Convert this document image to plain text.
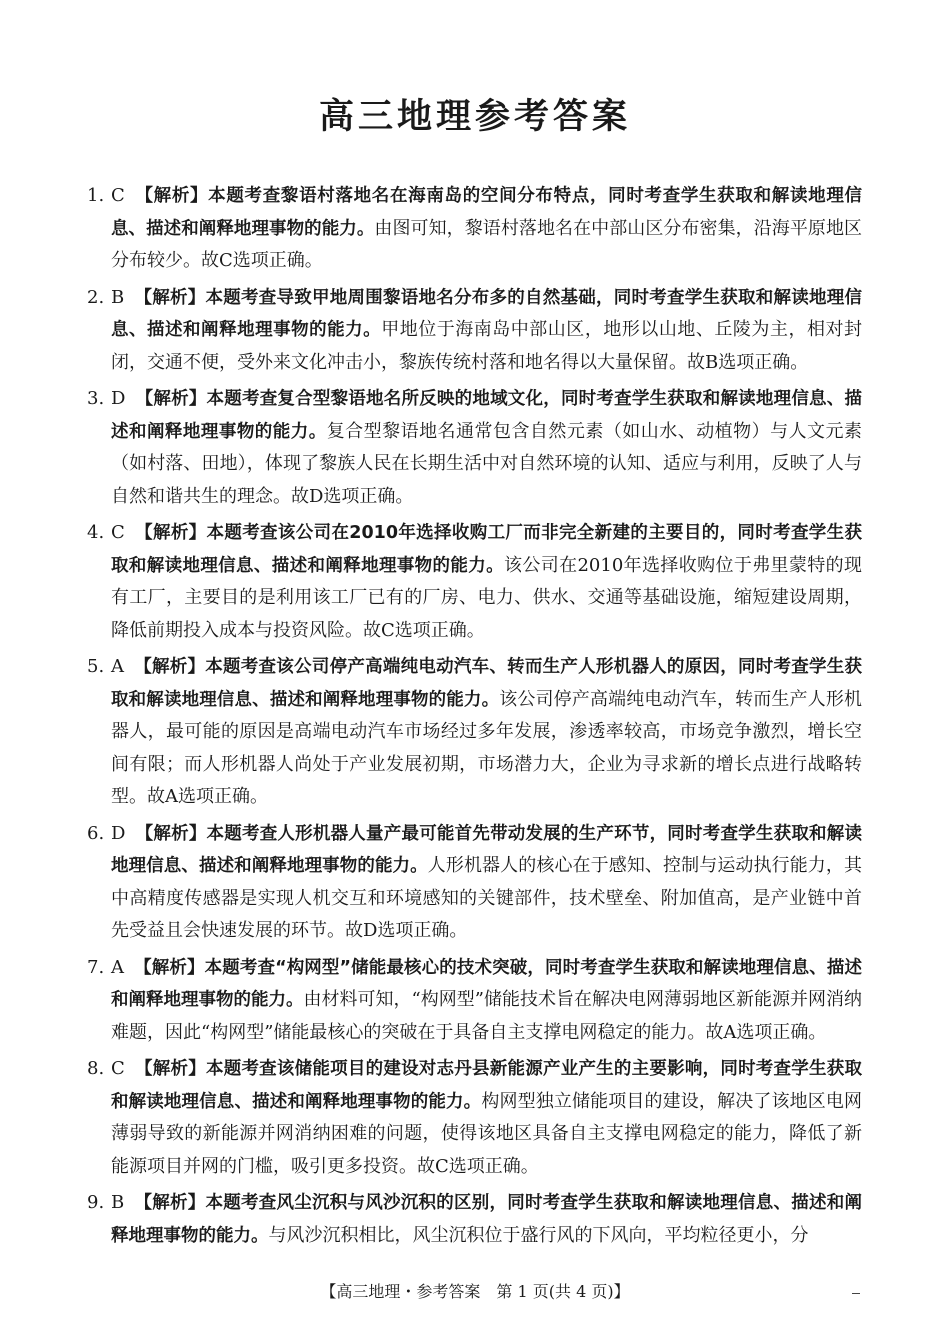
高三地理参考答案
1. C 【解析】本题考查黎语村落地名在海南岛的空间分布特点，同时考查学生获取和解读地理信息、描述和阐释地理事物的能力。由图可知，黎语村落地名在中部山区分布密集，沿海平原地区分布较少。故C选项正确。
2. B 【解析】本题考查导致甲地周围黎语地名分布多的自然基础，同时考查学生获取和解读地理信息、描述和阐释地理事物的能力。甲地位于海南岛中部山区，地形以山地、丘陵为主，相对封闭，交通不便，受外来文化冲击小，黎族传统村落和地名得以大量保留。故B选项正确。
3. D 【解析】本题考查复合型黎语地名所反映的地域文化，同时考查学生获取和解读地理信息、描述和阐释地理事物的能力。复合型黎语地名通常包含自然元素（如山水、动植物）与人文元素（如村落、田地），体现了黎族人民在长期生活中对自然环境的认知、适应与利用，反映了人与自然和谐共生的理念。故D选项正确。
4. C 【解析】本题考查该公司在2010年选择收购工厂而非完全新建的主要目的，同时考查学生获取和解读地理信息、描述和阐释地理事物的能力。该公司在2010年选择收购位于弗里蒙特的现有工厂，主要目的是利用该工厂已有的厂房、电力、供水、交通等基础设施，缩短建设周期，降低前期投入成本与投资风险。故C选项正确。
5. A 【解析】本题考查该公司停产高端纯电动汽车、转而生产人形机器人的原因，同时考查学生获取和解读地理信息、描述和阐释地理事物的能力。该公司停产高端纯电动汽车，转而生产人形机器人，最可能的原因是高端电动汽车市场经过多年发展，渗透率较高，市场竞争激烈，增长空间有限；而人形机器人尚处于产业发展初期，市场潜力大，企业为寻求新的增长点进行战略转型。故A选项正确。
6. D 【解析】本题考查人形机器人量产最可能首先带动发展的生产环节，同时考查学生获取和解读地理信息、描述和阐释地理事物的能力。人形机器人的核心在于感知、控制与运动执行能力，其中高精度传感器是实现人机交互和环境感知的关键部件，技术壁垒、附加值高，是产业链中首先受益且会快速发展的环节。故D选项正确。
7. A 【解析】本题考查“构网型”储能最核心的技术突破，同时考查学生获取和解读地理信息、描述和阐释地理事物的能力。由材料可知，“构网型”储能技术旨在解决电网薄弱地区新能源并网消纳难题，因此“构网型”储能最核心的突破在于具备自主支撑电网稳定的能力。故A选项正确。
8. C 【解析】本题考查该储能项目的建设对志丹县新能源产业产生的主要影响，同时考查学生获取和解读地理信息、描述和阐释地理事物的能力。构网型独立储能项目的建设，解决了该地区电网薄弱导致的新能源并网消纳困难的问题，使得该地区具备自主支撑电网稳定的能力，降低了新能源项目并网的门槛，吸引更多投资。故C选项正确。
9. B 【解析】本题考查风尘沉积与风沙沉积的区别，同时考查学生获取和解读地理信息、描述和阐释地理事物的能力。与风沙沉积相比，风尘沉积位于盛行风的下风向，平均粒径更小，分
【高三地理・参考答案　第 1 页(共 4 页)】
